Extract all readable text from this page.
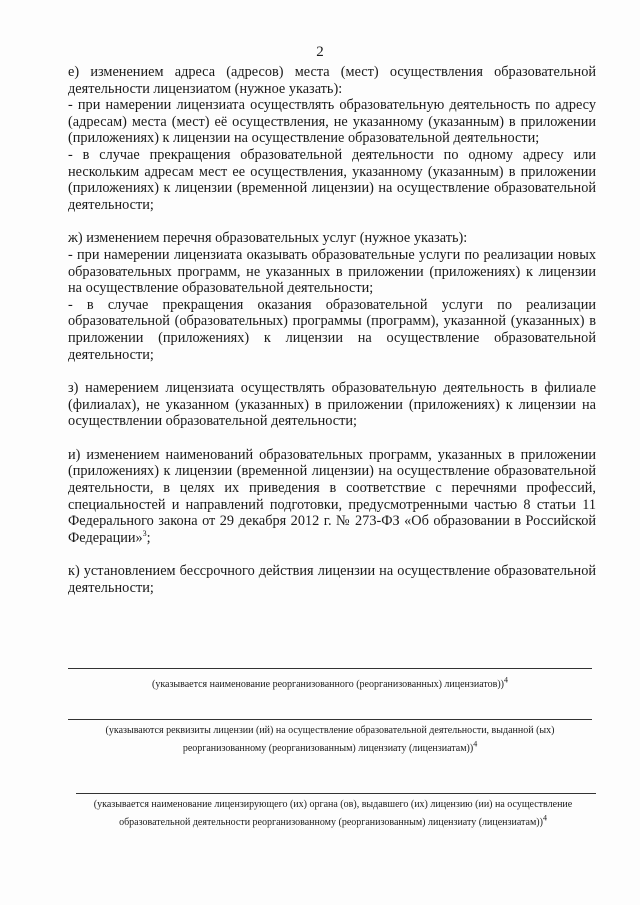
2

е) изменением адреса (адресов) места (мест) осуществления образовательной деятельности лицензиатом (нужное указать):

- при намерении лицензиата осуществлять образовательную деятельность по адресу (адресам) места (мест) её осуществления, не указанному (указанным) в приложении (приложениях) к лицензии на осуществление образовательной деятельности;

- в случае прекращения образовательной деятельности по одному адресу или нескольким адресам мест ее осуществления, указанному (указанным) в приложении (приложениях) к лицензии (временной лицензии) на осуществление образовательной деятельности;

ж) изменением перечня образовательных услуг (нужное указать):

- при намерении лицензиата оказывать образовательные услуги по реализации новых образовательных программ, не указанных в приложении (приложениях) к лицензии на осуществление образовательной деятельности;

- в случае прекращения оказания образовательной услуги по реализации образовательной (образовательных) программы (программ), указанной (указанных) в приложении (приложениях) к лицензии на осуществление образовательной деятельности;

з) намерением лицензиата осуществлять образовательную деятельность в филиале (филиалах), не указанном (указанных) в приложении (приложениях) к лицензии на осуществлении образовательной деятельности;

и) изменением наименований образовательных программ, указанных в приложении (приложениях) к лицензии (временной лицензии) на осуществление образовательной деятельности, в целях их приведения в соответствие с перечнями профессий, специальностей и направлений подготовки, предусмотренными частью 8 статьи 11 Федерального закона от 29 декабря 2012 г. № 273-ФЗ «Об образовании в Российской Федерации»$^3$;

к) установлением бессрочного действия лицензии на осуществление образовательной деятельности;

(указывается наименование реорганизованного (реорганизованных) лицензиатов))$^4$
(указываются реквизиты лицензии (ий) на осуществление образовательной деятельности, выданной (ых)
реорганизованному (реорганизованным) лицензиату (лицензиатам))$^4$
(указывается наименование лицензирующего (их) органа (ов), выдавшего (их) лицензию (ии) на осуществление
образовательной деятельности реорганизованному (реорганизованным) лицензиату (лицензиатам))$^4$
